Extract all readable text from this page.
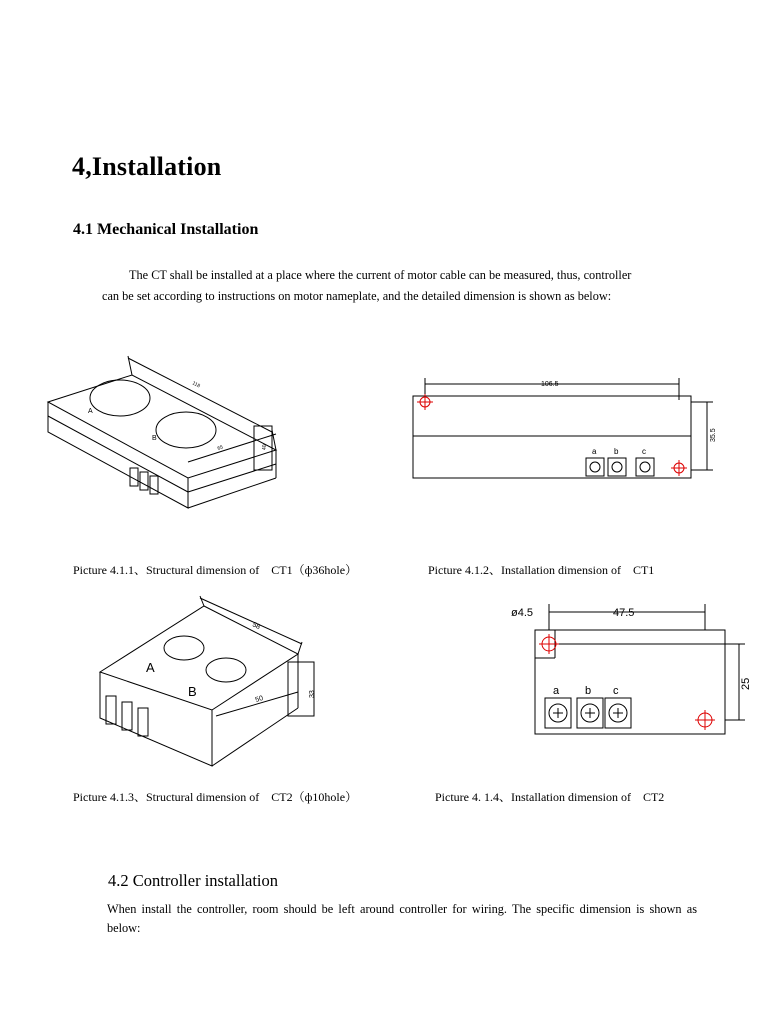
4,Installation
4.1 Mechanical Installation
The CT shall be installed at a place where the current of motor cable can be measured, thus, controller
can be set according to instructions on motor nameplate, and the detailed dimension is shown as below:
A
B
118
65	40
106.5
35.5
a b	c
Picture 4.1.1、Structural dimension of    CT1（ф36hole）	Picture 4.1.2、Installation dimension of    CT1
A
B
58
50
33
ø4.5	47.5
25
a b c
Picture 4.1.3、Structural dimension of    CT2（ф10hole）	Picture 4. 1.4、Installation dimension of    CT2
4.2 Controller installation
When install the controller, room should be left around controller for wiring. The specific dimension is shown as below:
